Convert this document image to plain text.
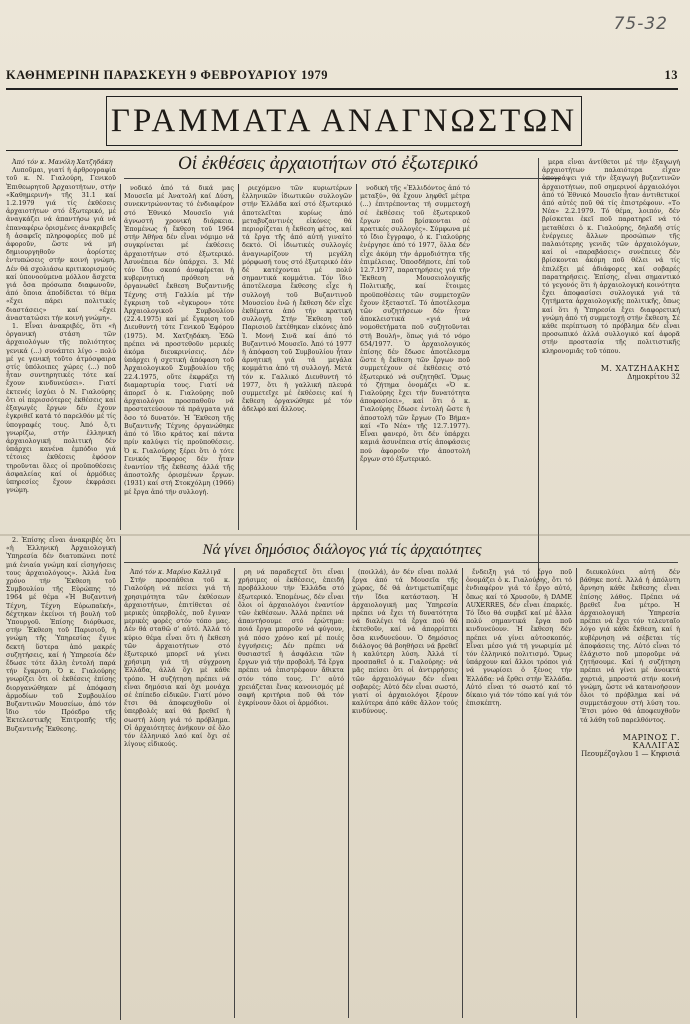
75-32
ΚΑΘΗΜΕΡΙΝΗ ΠΑΡΑΣΚΕΥΗ 9 ΦΕΒΡΟΥΑΡΙΟΥ 1979	13
ΓΡΑΜΜΑΤΑ ΑΝΑΓΝΩΣΤΩΝ
Οἱ ἐκθέσεις ἀρχαιοτήτων στό ἐξωτερικό

Ἀπό τόν κ. Μανόλη Χατζηδάκη

Λυποῦμαι, γιατί ἡ ἀρθρογραφία τοῦ κ. Ν. Γιαλούρη, Γενικοῦ Ἐπιθεωρητοῦ Ἀρχαιοτήτων, στήν «Καθημερινή» τῆς 31.1 καί 1.2.1979 γιά τίς ἐκθέσεις ἀρχαιοτήτων στό ἐξωτερικό, μέ ἀναγκάζει νά ἀπαντήσω γιά νά ἐπαναφέρω ὁρισμένες ἀνακριβεῖς ἤ ἀσαφεῖς πληροφορίες ποῦ μέ ἀφοροῦν, ὥστε νά μή δημιουργηθοῦν ἀορίστες ἐντυπώσεις στήν κοινή γνώμη. Δέν θά σχολιάσω κριτικορισμούς καί ὑπονοούμενα μόλλον ἄσχετα γιά ὅσα πρόσωπα διαφωνοῦν, ἀπό ὅποια ἀποδίδεται τό θέμα «ἔχει πάρει πολιτικές διαστάσεις» καί «ἔχει ἀναστατώσει τήν κοινή γνώμη».

1. Εἶναι ἀνακριβές, ὅτι «ἡ ὀργανική στάση τῶν ἀρχαιολόγων τῆς πολιότητος γενικά (...) συνάπτει λίγο - πολύ μέ γε γενική τοῦτο ἀτμόσφαιρα στίς ὑπόλοιπες χώρες (...) ποῦ ἦταν συντηρητικές τότε καί ἔχουν κινδυνεύσει». Γιατί ἐκτενές ἰσχύει ὁ Ν. Γιαλούρης ὅτι οἱ περισσότερες ἐκθέσεις καί ἐξαγωγές ἔργων δέν ἔχουν ἐγκριθεῖ κατά τό παρελθόν μέ τίς ὑπογραφές τους. Ἀπό ὅ,τι γνωρίζω, στήν ἑλληνική ἀρχαιολογική πολιτική δέν ὑπάρχει κανένα ἐμπόδιο γιά τέτοιες ἐκθέσεις ἐφόσον τηροῦνται ὅλες οἱ προϋποθέσεις ἀσφαλείας καί οἱ ἁρμόδιες ὑπηρεσίες ἔχουν ἐκφράσει γνώμη.

νοδικό ἀπό τά δικά μας Μουσεῖα μέ Ἀνατολή καί Δύση, συνεκντρώνοντας τό ἐνδιαφέρον στό Ἐθνικό Μουσεῖο γιά ἀγνωστή χρονική διάρκεια. Ἐπομένως ἡ ἔκθεση τοῦ 1964 στήν Ἀθήνα δέν εἶναι νόμιμο νά συγκρίνεται μέ ἐκθέσεις ἀρχαιοτήτων στό ἐξωτερικό. Ἀσυνέπεια δέν ὑπάρχει. 3. Μέ τόν ἴδιο σκοπό ἀναφέρεται ἡ κυβερνητική πρόθεση νά ὀργανωθεῖ ἔκθεση Βυζαντινῆς Τέχνης στή Γαλλία μέ τήν ἔγκριση τοῦ «ἐγκυρου» τότε Ἀρχαιολογικοῦ Συμβουλίου (22.4.1975) καί μέ ἔγκριση τοῦ Διευθυντή τότε Γενικοῦ Ἐφόρου (1975). Μ. Χατζηδάκη. Ἐδῶ πρέπει νά προστεθοῦν μερικές ἀκόμα διευκρινίσεις. Δέν ὑπάρχει ἡ σχετική ἀπόφαση τοῦ Ἀρχαιολογικοῦ Συμβουλίου τῆς 22.4.1975, οὔτε ἐκφράζει τή διαμαρτυρία τους. Γιατί νά ἀπορεῖ ὁ κ. Γιαλούρης ποῦ ἀρχαιολόγοι προσπαθοῦν νά προστατεύσουν τά πράγματα γιά ὅσο τό δυνατόν. Ἡ Ἔκθεση τῆς Βυζαντινῆς Τέχνης ὀργανώθηκε ἀπό τό ἴδιο κράτος καί πάντα πρίν καλύψει τίς προϋποθέσεις. Ὁ κ. Γιαλούρης ξέρει ὅτι ὁ τότε Γενικός Ἔφορος δέν ἦταν ἐναντίον τῆς ἔκθεσης ἀλλά τῆς ἀποστολῆς ὁρισμένων ἔργων. (1931) καί στή Στοκχόλμη (1966) μέ ἔργα ἀπό τήν συλλογή.

ριεχόμενο τῶν κυριωτέρων ἑλληνικῶν ἰδιωτικῶν συλλογῶν στήν Ἑλλάδα καί στό ἐξωτερικό ἀποτελεῖται κυρίως ἀπό μεταβυζαντινές εἰκόνες θά περιορίζεται ἡ ἔκθεση φέτος, καί τά ἔργα τῆς ἀπό αὐτή γιναίτο δεκτό. Οἱ ἰδιωτικές συλλογές ἀναγνωρίζουν τή μεγάλη μόρφωσή τους στό ἐξωτερικό ἐάν δέ κατέχονται μέ πολύ σημαντικά κομμάτια. Τόν ἴδιο ἀποτέλεσμα ἔκθεσης εἶχε ἡ συλλογή τοῦ Βυζαντινοῦ Μουσείου ἐνῶ ἡ ἔκθεση δέν εἶχε ἐκθέματα ἀπό τήν κρατική συλλογή. Στήν Ἔκθεση τοῦ Παρισιοῦ ἐκτέθηκαν εἰκόνες ἀπό Ἱ. Μονή Σινᾶ καί ἀπό τό Βυζαντινό Μουσεῖο. Ἀπό τό 1977 ἡ ἀπόφαση τοῦ Συμβουλίου ἦταν ἀρνητική γιά τά μεγάλα κομμάτια ἀπό τή συλλογή. Μετά τόν κ. Γαλλικό Διευθυντή τό 1977, ὅτι ἡ γαλλική πλευρά συμμετεῖχε μέ ἐκθέσεις καί ἡ ἔκθεση ὀργανώθηκε μέ τόν ἀδελφό καί ἄλλους.

νοδική τῆς «Ἐλλιδόντος ἀπό τό μεταξύ», θά ἔχουν ληφθεῖ μέτρα (...) ἐπιτρέποντας τή συμμετοχή σέ ἐκθέσεις τοῦ ἐξωτερικοῦ ἔργων ποῦ βρίσκονται σέ κρατικές συλλογές». Σύμφωνα μέ τό ἴδιο ἔγγραφο, ὁ κ. Γιαλούρης ἐνέργησε ἀπό τό 1977, ὅλλα δέν εἶχε ἀκόμη τήν ἀρμοδιότητα τῆς ἐπιμέλειας. Ὁποσδήποτε, ἐπί τοῦ 12.7.1977, παρατηρήσεις γιά τήν Ἔκθεση Μουσειολογικῆς Πολιτικῆς, καί ἕτοιμες προϋποθέσεις τῶν συμμετοχῶν ἔχουν ἑξεταστεῖ. Τό ἀποτέλεσμα τῶν συζητήσεων δέν ἦταν ἀποκλειστικά «γιά νά νομοθετήματα ποῦ συζητοῦνται στή Βουλή», ὅπως γιά τό νόμο 654/1977. Ὁ ἀρχαιολογικός ἐπίσης δέν ἔδωσε ἀποτέλεσμα ὥστε ἡ ἔκθεση τῶν ἔργων ποῦ συμμετέχουν σέ ἐκθέσεις στό ἐξωτερικό νά συζητηθεῖ. Ὅμως τό ζήτημα ὀνομάζει «Ὁ κ. Γιαλούρης ἔχει τήν δυνατότητα ἀποφασίσει», καί ὅτι ὁ κ. Γιαλούρης ἔδωσε ἐντολή ὥστε ἡ ἀποστολή τῶν ἔργων (Το Βήμα» καί «Το Νέα» τῆς 12.7.1977). Εἶναι φανερό, ὅτι δέν ὑπάρχει καμιά ἀσυνέπεια στίς ἀποφάσεις πού ἀφοροῦν τήν ἀποστολή ἔργων στό ἐξωτερικό.

μερα εἶναι ἀντίθετοι μέ τήν ἐξαγωγή ἀρχαιοτήτων παλαιότερα εἶχαν ὑπογράψει γιά τήν ἐξαγωγή βυζαντινῶν ἀρχαιοτήτων, ποῦ σημερινοί ἀρχαιολόγοι ἀπό τό Ἐθνικό Μουσεῖο ἦταν ἀντιθετικοί ἀπό αὐτές ποῦ θά τίς ἐπιστρέφουν. «Το Νέα» 2.2.1979. Τό θέμα, λοιπόν, δέν βρίσκεται ἐκεῖ ποῦ παρατηρεῖ νά τό μεταθέσει ὁ κ. Γιαλούρης, δηλαδή στίς ἐνέργειες ἄλλων προσώπων τῆς παλαιότερης γενιᾶς τῶν ἀρχαιολόγων, καί οἱ «παραβάσεις» συνέπειες δέν βρίσκονται ἀκόμη ποῦ θέλει νά τίς ἐπιλέξει μέ ἀδιάφορες καί σοβαρές παρατηρήσεις. Ἐπίσης, εἶναι σημαντικό τό γεγονός ὅτι ἡ ἀρχαιολογική κοινότητα ἔχει ἀποφασίσει συλλογικά γιά τά ζητήματα ἀρχαιολογικῆς πολιτικῆς, ὅπως καί ὅτι ἡ Ὑπηρεσία ἔχει διαφορετική γνώμη ἀπό τή συμμετοχή στήν ἔκθεση. Σέ κάθε περίπτωση τό πρόβλημα δέν εἶναι προσωπικό ἀλλά συλλογικό καί ἀφορᾶ στήν προστασία τῆς πολιτιστικῆς κληρονομιᾶς τοῦ τόπου.

Μ. ΧΑΤΖΗΔΑΚΗΣ
Δημοκρίτου 32

2. Ἐπίσης εἶναι ἀνακριβές ὅτι «ἡ Ἑλληνική Ἀρχαιολογική Ὑπηρεσία δέν διατυπώνει ποτέ μιά ἑνιαία γνώμη καί εἰσηγήσεις τους ἀρχαιολόγους». Ἀλλά ἕνα χρόνο τήν Ἔκθεση τοῦ Συμβουλίου τῆς Εὐρώπης τό 1964 μέ θέμα «Ἡ Βυζαντινή Τέχνη, Τέχνη Εὐρωπαϊκή», δέχτηκαν ἐκείνοι τή βουλή τοῦ Ὑπουργοῦ. Ἐπίσης διόρθωσε, στήν Ἔκθεση τοῦ Παρισιοῦ, ἡ γνώμη τῆς Ὑπηρεσίας ἔγινε δεκτή ὕστερα ἀπό μακρές συζητήσεις, καί ἡ Ὑπηρεσία δέν ἔδωσε τότε ἄλλη ἐντολή παρά τήν ἔγκριση. Ὁ κ. Γιαλούρης γνωρίζει ὅτι οἱ ἐκθέσεις ἐπίσης διοργανώθηκαν μέ ἀπόφαση ἀρμοδίων τοῦ Συμβουλίου Βυζαντινῶν Μουσείων, ἀπό τόν ἴδιο τόν Πρόεδρο τῆς Ἐκτελεστικῆς Ἐπιτροπῆς τῆς Βυζαντινῆς Ἔκθεσης.

Νά γίνει δημόσιος διάλογος γιά τίς ἀρχαιότητες

Ἀπό τόν κ. Μαρίνο Καλλιγᾶ

Στήν προσπάθεια τοῦ κ. Γιαλούρη νά πείσει γιά τή χρησιμότητα τῶν ἐκθέσεων ἀρχαιοτήτων, ἐπιτίθεται σέ μερικές ὑπερβολές, ποῦ ἔγιναν μερικές φορές στόν τόπο μας. Δέν θά σταθῶ σ' αὐτό. Ἀλλά τό κύριο θέμα εἶναι ὅτι ἡ ἔκθεση τῶν ἀρχαιοτήτων στό ἐξωτερικό μπορεῖ νά γίνει χρήσιμη γιά τή σύγχρονη Ἑλλάδα, ἀλλά ὅχι μέ κάθε τρόπο. Ἡ συζήτηση πρέπει νά εἶναι δημόσια καί ὅχι μονάχα σέ ἐπίπεδο εἰδικῶν. Γιατί μόνο ἔτσι θά ἀποφευχθοῦν οἱ ὑπερβολές καί θά βρεθεῖ ἡ σωστή λύση γιά τό πρόβλημα. Οἱ ἀρχαιότητες ἀνήκουν σέ ὅλο τόν ἑλληνικό λαό καί ὅχι σέ λίγους εἰδικούς.

ρη νά παραδεχτεῖ ὅτι εἶναι χρήσιμες οἱ ἐκθέσεις, ἐπειδή προβάλλουν τήν Ἑλλάδα στό ἐξωτερικό. Ἐπομένως, δέν εἶναι ὅλοι οἱ ἀρχαιολόγοι ἐναντίον τῶν ἐκθέσεων. Ἀλλά πρέπει νά ἀπαντήσουμε στό ἐρώτημα: ποιά ἔργα μποροῦν νά φύγουν, γιά πόσο χρόνο καί μέ ποιές ἐγγυήσεις; Δέν πρέπει νά θυσιαστεῖ ἡ ἀσφάλεια τῶν ἔργων γιά τήν προβολή. Τά ἔργα πρέπει νά ἐπιστρέφουν ἄθικτα στόν τόπο τους. Γι' αὐτό χρειάζεται ἕνας κανονισμός μέ σαφή κριτήρια ποῦ θά τόν ἐγκρίνουν ὅλοι οἱ ἁρμόδιοι.

(ποιλλά), ἀν δέν εἶναι πολλά ἔργα ἀπό τά Μουσεῖα τῆς χώρας, δέ θά ἀντιμετωπίζαμε τήν ἴδια κατάσταση. Ἡ ἀρχαιολογική μας Ὑπηρεσία πρέπει νά ἔχει τή δυνατότητα νά διαλέγει τά ἔργα πού θά ἐκτεθοῦν, καί νά ἀπορρίπτει ὅσα κινδυνεύουν. Ὁ δημόσιος διάλογος θά βοηθήσει νά βρεθεῖ ἡ καλύτερη λύση. Ἀλλά τί προσπαθεῖ ὁ κ. Γιαλούρης: νά μᾶς πείσει ὅτι οἱ ἀντιρρήσεις τῶν ἀρχαιολόγων δέν εἶναι σοβαρές; Αὐτό δέν εἶναι σωστό, γιατί οἱ ἀρχαιολόγοι ξέρουν καλύτερα ἀπό κάθε ἄλλον τούς κινδύνους.

ἔνδειξη γιά τό ἔργο ποῦ ὀνομάζει ὁ κ. Γιαλούρης, ὅτι τό ἐνδιαφέρον γιά τό ἔργο αὐτό, ὅπως καί τό Χρυσοῦν, ἡ DAME AUXERRES, δέν εἶναι ἐπαρκές. Τό ἴδιο θά συμβεῖ καί μέ ἄλλα πολύ σημαντικά ἔργα ποῦ κινδυνεύουν. Ἡ ἔκθεση δέν πρέπει νά γίνει αὐτοσκοπός. Εἶναι μέσο γιά τή γνωριμία μέ τόν ἑλληνικό πολιτισμό. Ὅμως ὑπάρχουν καί ἄλλοι τρόποι γιά νά γνωρίσει ὁ ξένος τήν Ἑλλάδα: νά ἔρθει στήν Ἑλλάδα. Αὐτό εἶναι τό σωστό καί τό δίκαιο γιά τόν τόπο καί γιά τόν ἐπισκέπτη.

διευκολύνει αὐτή δέν βάθηκε ποτέ. Ἀλλά ἡ ἀπόλυτη ἄρνηση κάθε ἔκθεσης εἶναι ἐπίσης λάθος. Πρέπει νά βρεθεῖ ἕνα μέτρο. Ἡ ἀρχαιολογική Ὑπηρεσία πρέπει νά ἔχει τόν τελευταῖο λόγο γιά κάθε ἔκθεση, καί ἡ κυβέρνηση νά σέβεται τίς ἀποφάσεις της. Αὐτό εἶναι τό ἐλάχιστο ποῦ μποροῦμε νά ζητήσουμε. Καί ἡ συζήτηση πρέπει νά γίνει μέ ἀνοικτά χαρτιά, μπροστά στήν κοινή γνώμη, ὥστε νά κατανοήσουν ὅλοι τό πρόβλημα καί νά συμμετάσχουν στή λύση του. Ἔτσι μόνο θά ἀποφευχθοῦν τά λάθη τοῦ παρελθόντος.

ΜΑΡΙΝΟΣ Γ. ΚΑΛΛΙΓΑΣ
Πεουμέζογλου 1 — Κηφισιά
